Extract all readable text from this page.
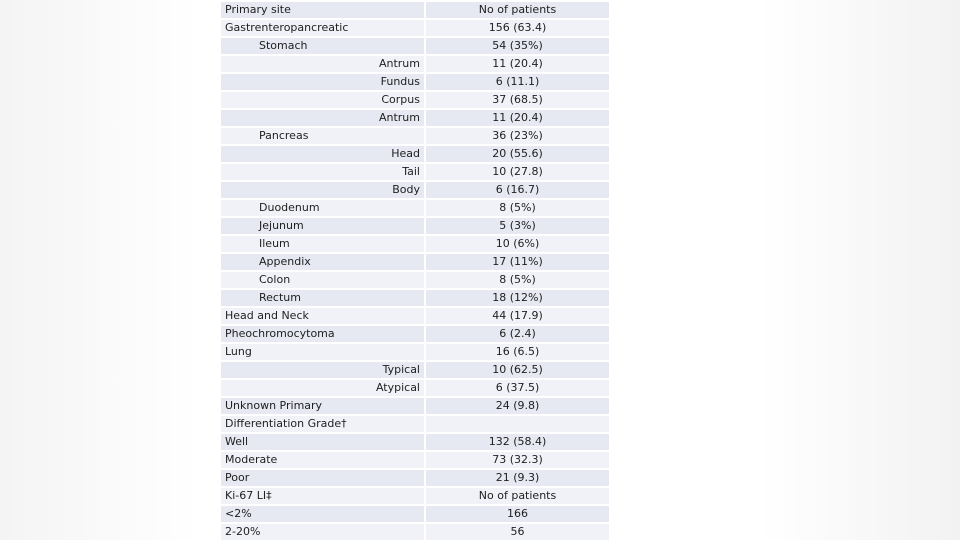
Primary site	No of patients
Gastrenteropancreatic	156 (63.4)
Stomach	54 (35%)

Antrum	11 (20.4)

Fundus	6 (11.1)

Corpus	37 (68.5)

Antrum	11 (20.4)
Pancreas	36 (23%)

Head	20 (55.6)

Tail	10 (27.8)

Body	6 (16.7)
Duodenum	8 (5%)
Jejunum	5 (3%)
Ileum	10 (6%)
Appendix	17 (11%)
Colon	8 (5%)
Rectum	18 (12%)
Head and Neck	44 (17.9)
Pheochromocytoma	6 (2.4)
Lung	16 (6.5)

Typical	10 (62.5)

Atypical	6 (37.5)
Unknown Primary	24 (9.8)
Differentiation Grade†	
Well	132 (58.4)
Moderate	73 (32.3)
Poor	21 (9.3)
Ki-67 LI‡	No of patients
<2%	166
2-20%	56
